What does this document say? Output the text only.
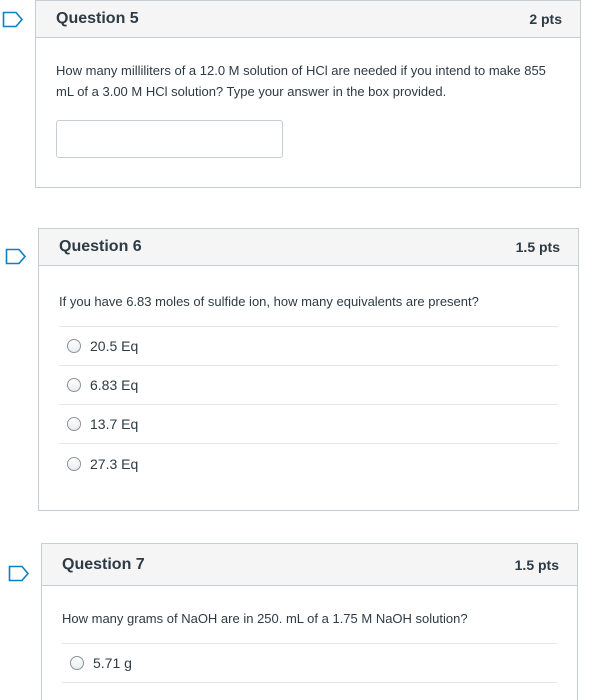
Question 5	2 pts

How many milliliters of a 12.0 M solution of HCl are needed if you intend to make 855 mL of a 3.00 M HCl solution? Type your answer in the box provided.

Question 6	1.5 pts

If you have 6.83 moles of sulfide ion, how many equivalents are present?

20.5 Eq
6.83 Eq
13.7 Eq
27.3 Eq
Question 7	1.5 pts

How many grams of NaOH are in 250. mL of a 1.75 M NaOH solution?

5.71 g
